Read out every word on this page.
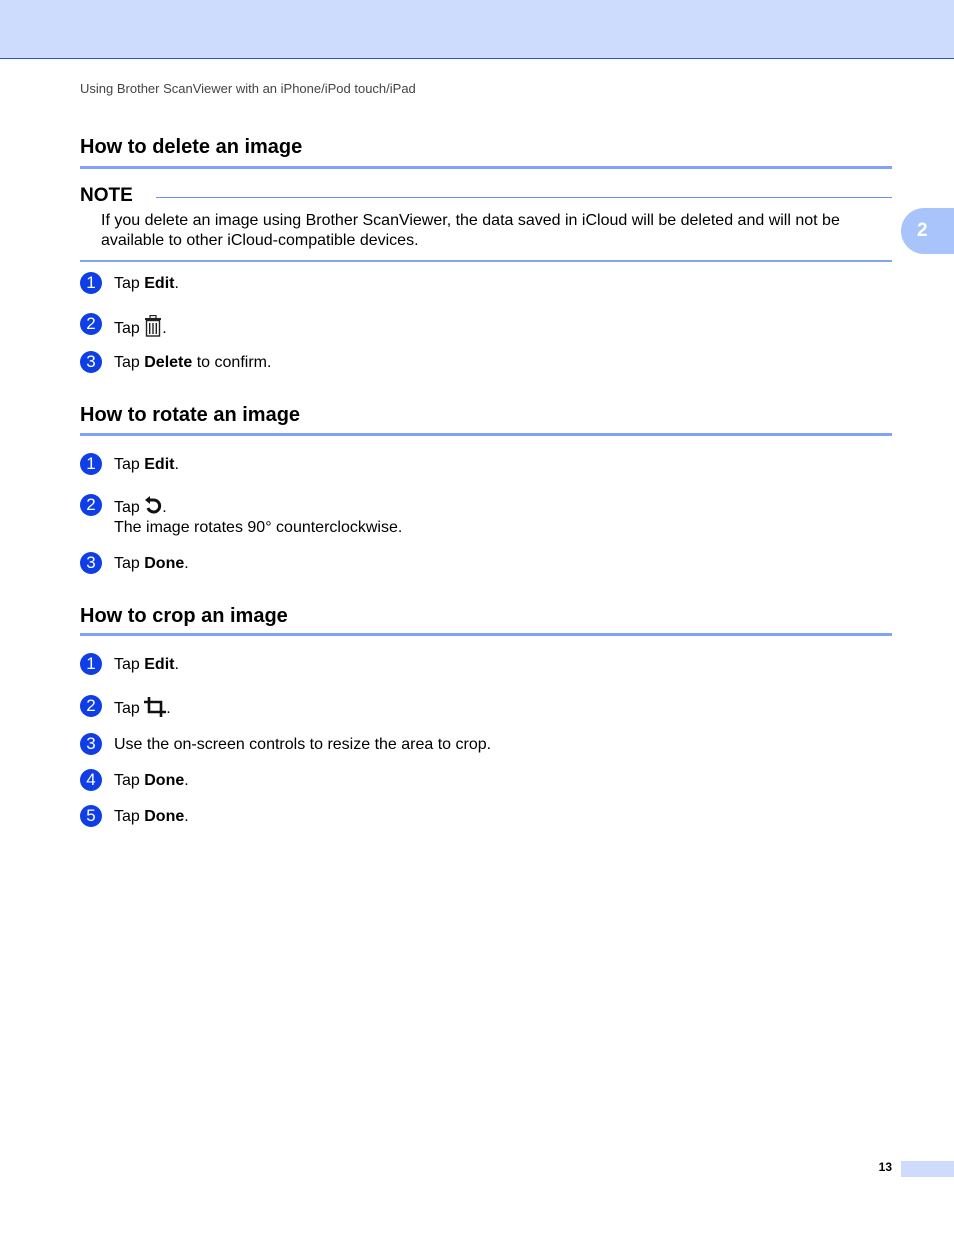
Using Brother ScanViewer with an iPhone/iPod touch/iPad
2
How to delete an image
NOTE

If you delete an image using Brother ScanViewer, the data saved in iCloud will be deleted and will not be available to other iCloud-compatible devices.

1	Tap Edit.
2	Tap .
3	Tap Delete to confirm.
How to rotate an image
1	Tap Edit.
2	Tap .
The image rotates 90° counterclockwise.
3	Tap Done.
How to crop an image
1	Tap Edit.
2	Tap .
3	Use the on-screen controls to resize the area to crop.
4	Tap Done.
5	Tap Done.
13
